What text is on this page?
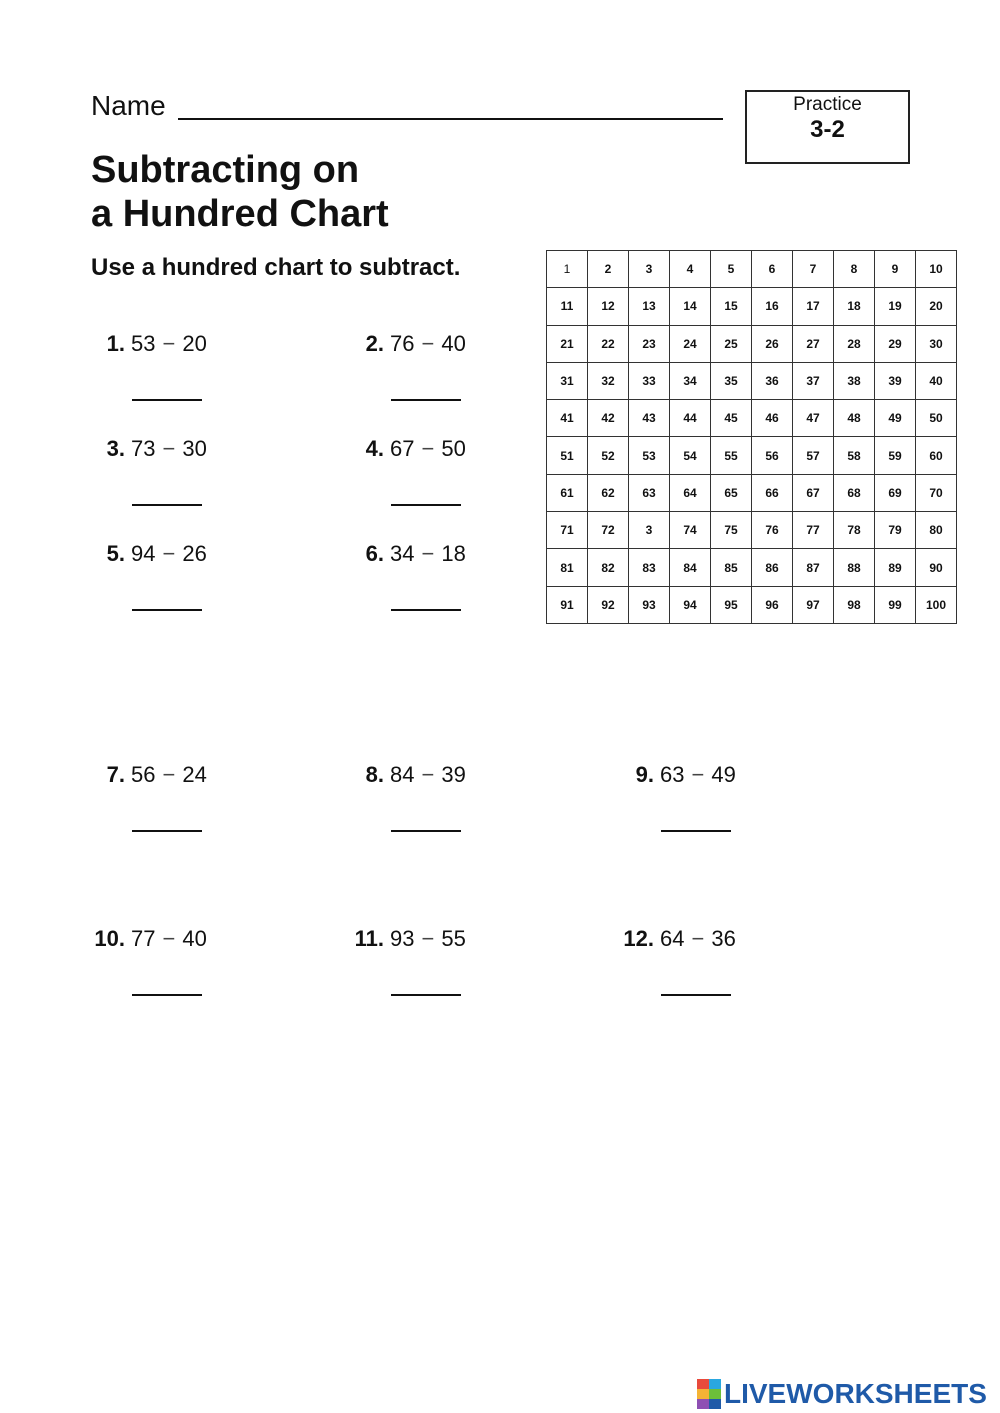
Name	Practice
3-2
Subtracting on
a Hundred Chart
Use a hundred chart to subtract.
1. 53 − 20	2. 76 − 40
3. 73 − 30	4. 67 − 50
5. 94 − 26	6. 34 − 18
7. 56 − 24	8. 84 − 39	9. 63 − 49
10. 77 − 40	11. 93 − 55	12. 64 − 36
1	2	3	4	5	6	7	8	9	10
11	12	13	14	15	16	17	18	19	20
21	22	23	24	25	26	27	28	29	30
31	32	33	34	35	36	37	38	39	40
41	42	43	44	45	46	47	48	49	50
51	52	53	54	55	56	57	58	59	60
61	62	63	64	65	66	67	68	69	70
71	72	3	74	75	76	77	78	79	80
81	82	83	84	85	86	87	88	89	90
91	92	93	94	95	96	97	98	99	100
LIVEWORKSHEETS
